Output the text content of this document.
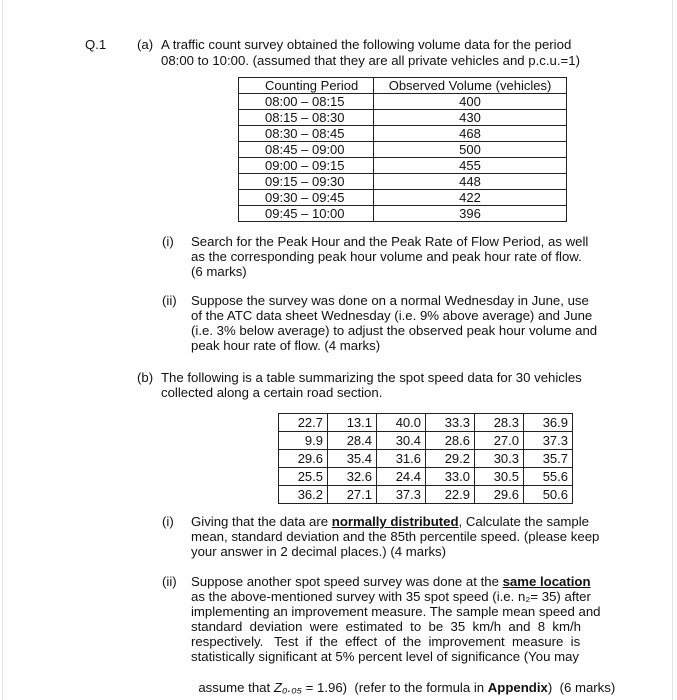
Q.1 (a) A traffic count survey obtained the following volume data for the period
08:00 to 10:00. (assumed that they are all private vehicles and p.c.u.=1)
Counting Period	Observed Volume (vehicles)
08:00 – 08:15	400
08:15 – 08:30	430
08:30 – 08:45	468
08:45 – 09:00	500
09:00 – 09:15	455
09:15 – 09:30	448
09:30 – 09:45	422
09:45 – 10:00	396
(i) Search for the Peak Hour and the Peak Rate of Flow Period, as well
as the corresponding peak hour volume and peak hour rate of flow.
(6 marks)
(ii) Suppose the survey was done on a normal Wednesday in June, use
of the ATC data sheet Wednesday (i.e. 9% above average) and June
(i.e. 3% below average) to adjust the observed peak hour volume and
peak hour rate of flow. (4 marks)
(b) The following is a table summarizing the spot speed data for 30 vehicles
collected along a certain road section.
22.7	13.1	40.0	33.3	28.3	36.9
9.9	28.4	30.4	28.6	27.0	37.3
29.6	35.4	31.6	29.2	30.3	35.7
25.5	32.6	24.4	33.0	30.5	55.6
36.2	27.1	37.3	22.9	29.6	50.6
(i) Giving that the data are normally distributed, Calculate the sample
mean, standard deviation and the 85th percentile speed. (please keep
your answer in 2 decimal places.) (4 marks)
(ii) Suppose another spot speed survey was done at the same location
as the above-mentioned survey with 35 spot speed (i.e. n₂= 35) after
implementing an improvement measure. The sample mean speed and
standard  deviation  were  estimated  to  be  35  km/h  and  8  km/h
respectively.   Test  if  the  effect  of  the  improvement  measure  is
statistically significant at 5% percent level of significance (You may

assume that Z₀.₀₅ = 1.96)  (refer to the formula in Appendix)  (6 marks)
